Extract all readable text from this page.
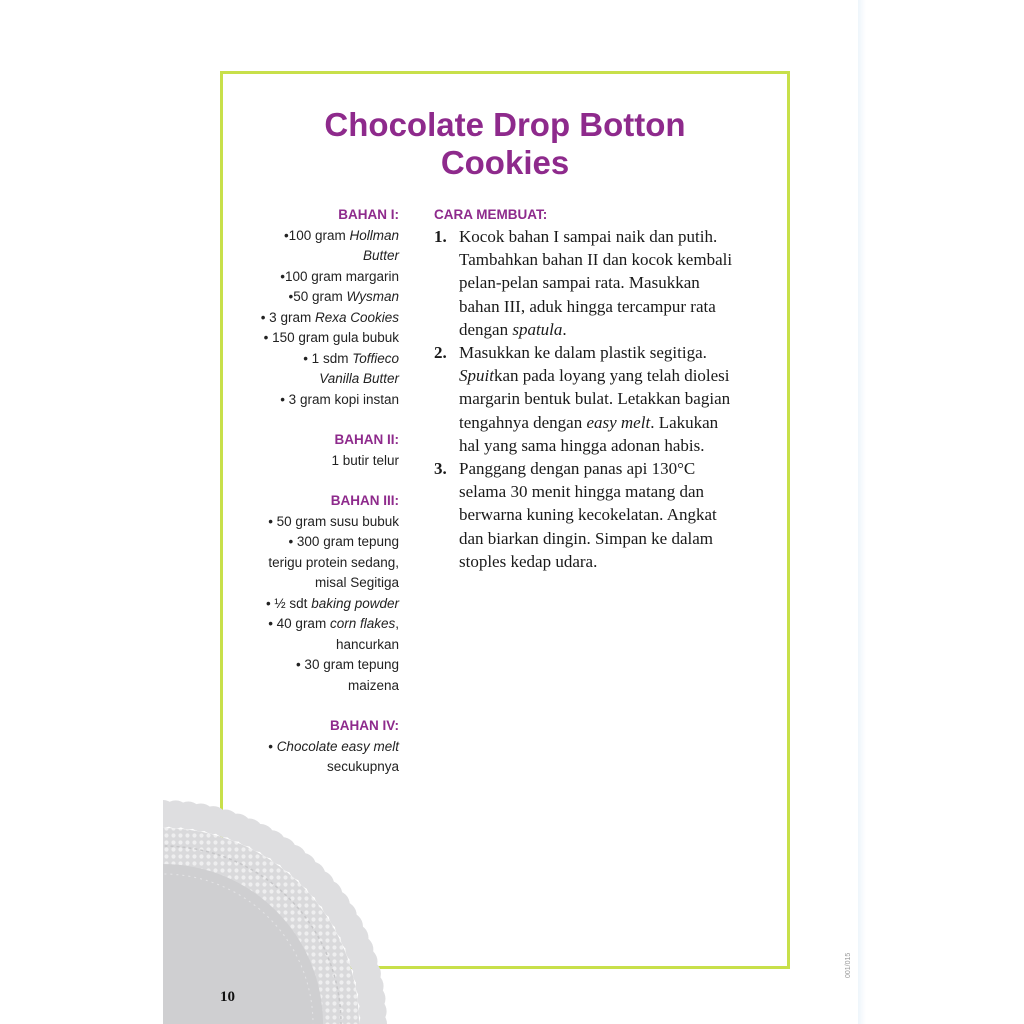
Chocolate Drop Botton
Cookies

BAHAN I:

•100 gram Hollman
Butter
•100 gram margarin
•50 gram Wysman
• 3 gram Rexa Cookies
• 150 gram gula bubuk
• 1 sdm Toffieco
Vanilla Butter
• 3 gram kopi instan

BAHAN II:

1 butir telur

BAHAN III:

• 50 gram susu bubuk
• 300 gram tepung
terigu protein sedang,
misal Segitiga
• ½ sdt baking powder
• 40 gram corn flakes,
hancurkan
• 30 gram tepung
maizena

BAHAN IV:

• Chocolate easy melt
secukupnya

CARA MEMBUAT:

1. Kocok bahan I sampai naik dan putih.
Tambahkan bahan II dan kocok kembali
pelan-pelan sampai rata. Masukkan
bahan III, aduk hingga tercampur rata
dengan spatula.
2. Masukkan ke dalam plastik segitiga.
Spuitkan pada loyang yang telah diolesi
margarin bentuk bulat. Letakkan bagian
tengahnya dengan easy melt. Lakukan
hal yang sama hingga adonan habis.
3. Panggang dengan panas api 130°C
selama 30 menit hingga matang dan
berwarna kuning kecokelatan. Angkat
dan biarkan dingin. Simpan ke dalam
stoples kedap udara.
10
001/015
